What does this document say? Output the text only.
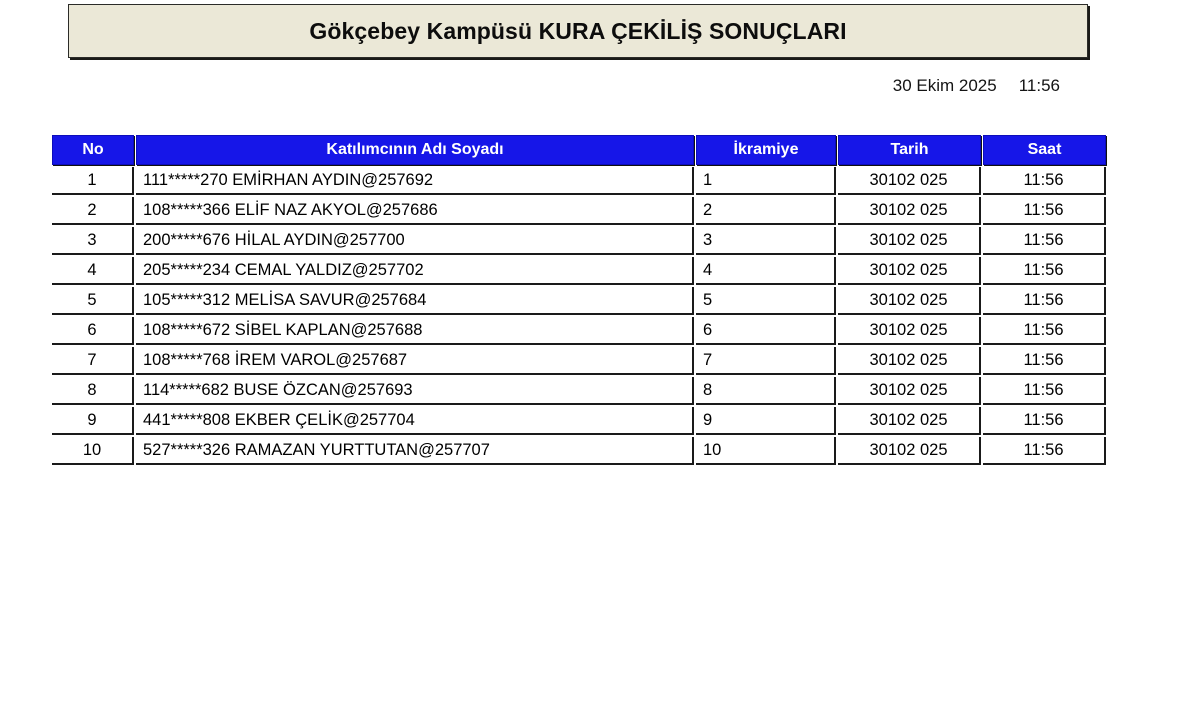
Gökçebey Kampüsü KURA ÇEKİLİŞ SONUÇLARI
30 Ekim 2025 11:56
No	Katılımcının Adı Soyadı	İkramiye	Tarih	Saat
1	111*****270 EMİRHAN AYDIN@257692	1	30102 025	11:56
2	108*****366 ELİF NAZ AKYOL@257686	2	30102 025	11:56
3	200*****676 HİLAL AYDIN@257700	3	30102 025	11:56
4	205*****234 CEMAL YALDIZ@257702	4	30102 025	11:56
5	105*****312 MELİSA SAVUR@257684	5	30102 025	11:56
6	108*****672 SİBEL KAPLAN@257688	6	30102 025	11:56
7	108*****768 İREM VAROL@257687	7	30102 025	11:56
8	114*****682 BUSE ÖZCAN@257693	8	30102 025	11:56
9	441*****808 EKBER ÇELİK@257704	9	30102 025	11:56
10	527*****326 RAMAZAN YURTTUTAN@257707	10	30102 025	11:56
